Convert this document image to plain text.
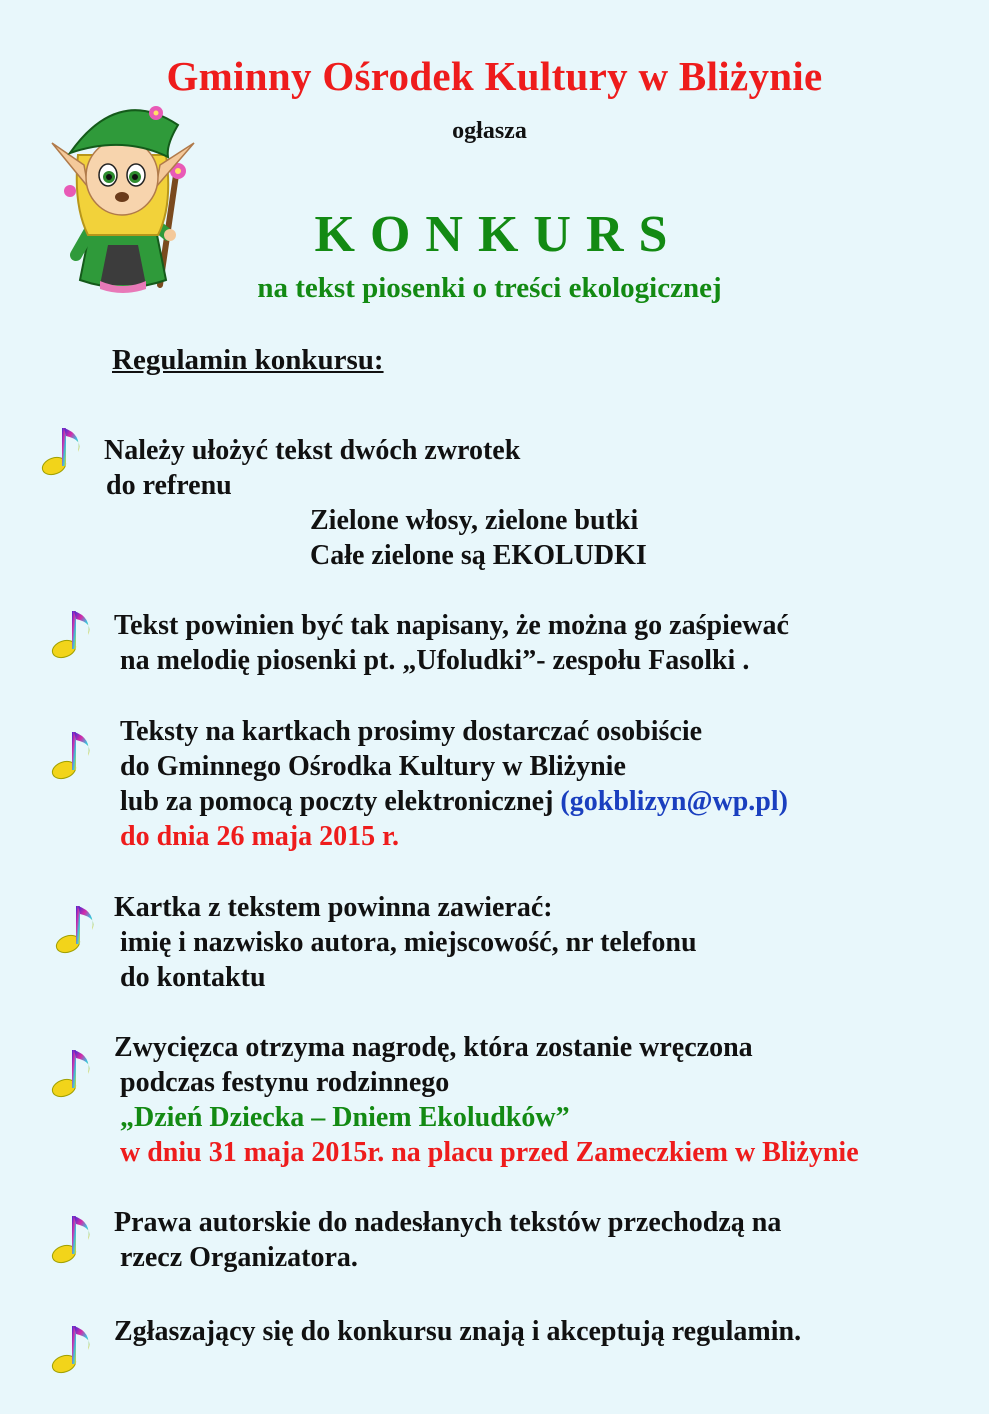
Gminny Ośrodek Kultury w Bliżynie
ogłasza
KONKURS
na tekst piosenki o treści ekologicznej
Regulamin konkursu:
Należy ułożyć tekst dwóch zwrotek
do refrenu
Zielone włosy, zielone butki
Całe zielone są EKOLUDKI
Tekst powinien być tak napisany, że można go zaśpiewać
na melodię piosenki pt. „Ufoludki”- zespołu Fasolki .
Teksty na kartkach prosimy dostarczać osobiście
do Gminnego Ośrodka Kultury w Bliżynie
lub za pomocą poczty elektronicznej (gokblizyn@wp.pl)
do dnia 26 maja 2015 r.
Kartka z tekstem powinna zawierać:
imię i nazwisko autora, miejscowość, nr telefonu
do kontaktu
Zwycięzca otrzyma nagrodę, która zostanie wręczona
podczas festynu rodzinnego
„Dzień Dziecka – Dniem Ekoludków”
w dniu 31 maja 2015r. na placu przed Zameczkiem w Bliżynie
Prawa autorskie do nadesłanych tekstów przechodzą na
rzecz Organizatora.
Zgłaszający się do konkursu znają i akceptują regulamin.
